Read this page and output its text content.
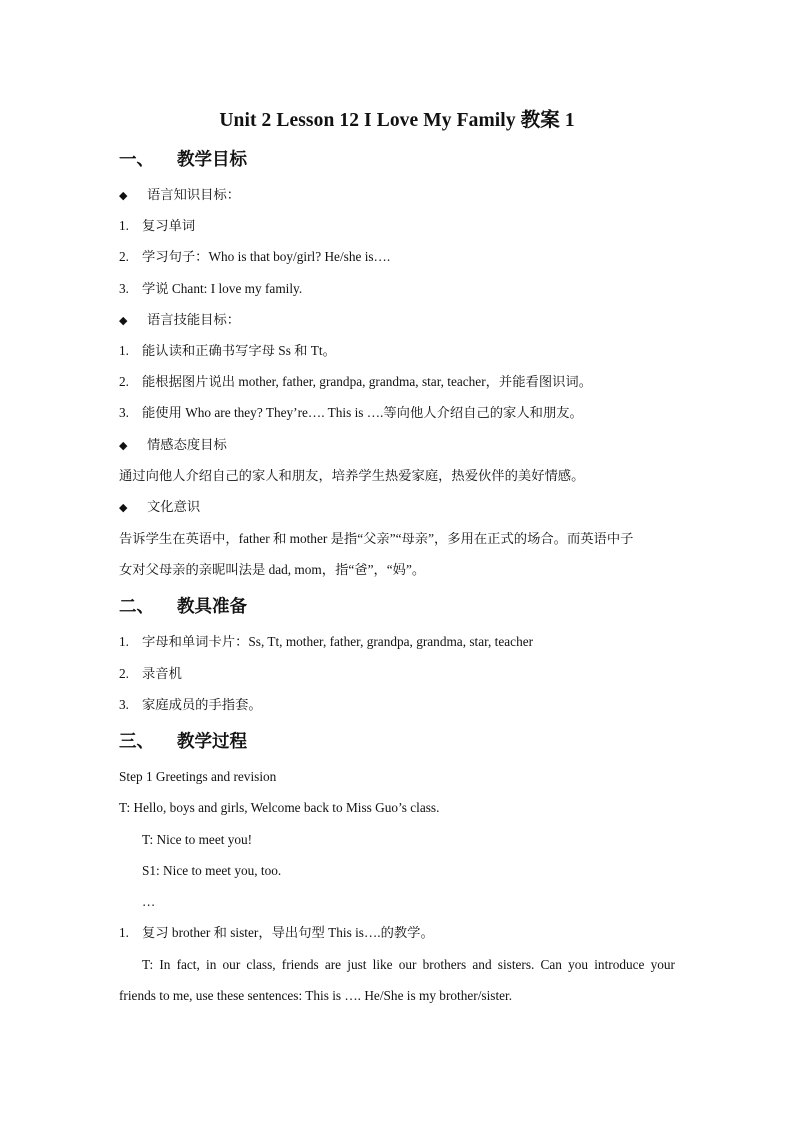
Unit 2 Lesson 12 I Love My Family 教案 1
一、 教学目标
◆ 语言知识目标：
1. 复习单词
2. 学习句子：Who is that boy/girl? He/she is….
3. 学说 Chant: I love my family.
◆ 语言技能目标：
1. 能认读和正确书写字母 Ss 和 Tt。
2. 能根据图片说出 mother, father, grandpa, grandma, star, teacher，并能看图识词。
3. 能使用 Who are they? They’re…. This is ….等向他人介绍自己的家人和朋友。
◆ 情感态度目标
通过向他人介绍自己的家人和朋友，培养学生热爱家庭，热爱伙伴的美好情感。
◆ 文化意识
告诉学生在英语中，father 和 mother 是指“父亲”“母亲”，多用在正式的场合。而英语中子
女对父母亲的亲昵叫法是 dad, mom，指“爸”，“妈”。
二、 教具准备
1. 字母和单词卡片：Ss, Tt, mother, father, grandpa, grandma, star, teacher
2. 录音机
3. 家庭成员的手指套。
三、 教学过程
Step 1 Greetings and revision
T: Hello, boys and girls, Welcome back to Miss Guo’s class.
T: Nice to meet you!
S1: Nice to meet you, too.
…
1. 复习 brother 和 sister，导出句型 This is….的教学。
T: In fact, in our class, friends are just like our brothers and sisters. Can you introduce your
friends to me, use these sentences: This is …. He/She is my brother/sister.
